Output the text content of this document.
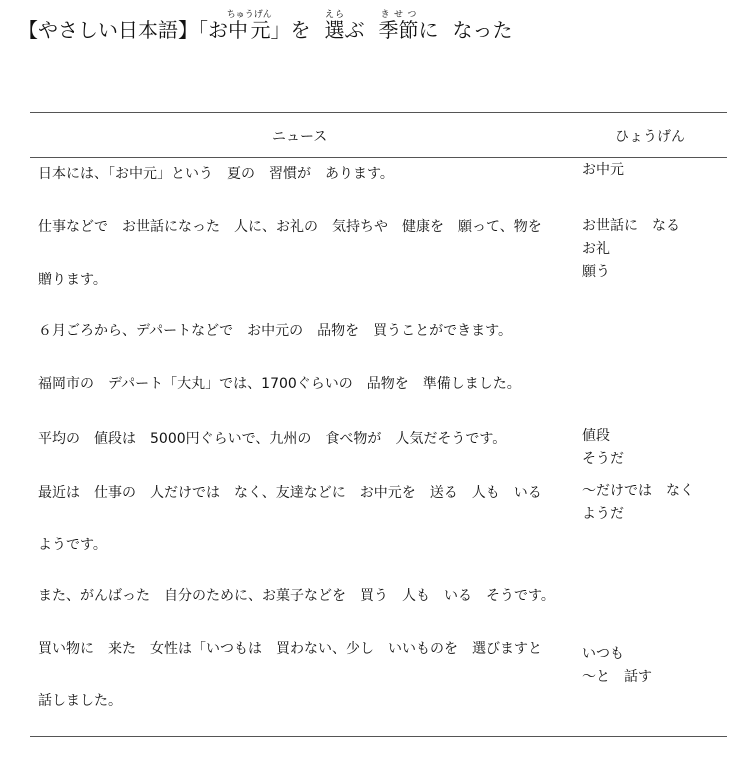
【やさしい日本語】「お中元ちゅうげん」を 選えらぶ 季節きせつに なった
ニュース	ひょうげん
日本には、「お中元」という　夏の　習慣が　あります。
仕事などで　お世話になった　人に、お礼の　気持ちや　健康を　願って、物を
贈ります。
６月ごろから、デパートなどで　お中元の　品物を　買うことができます。
福岡市の　デパート「大丸」では、1700ぐらいの　品物を　準備しました。
平均の　値段は　5000円ぐらいで、九州の　食べ物が　人気だそうです。
最近は　仕事の　人だけでは　なく、友達などに　お中元を　送る　人も　いる
ようです。
また、がんばった　自分のために、お菓子などを　買う　人も　いる　そうです。
買い物に　来た　女性は「いつもは　買わない、少し　いいものを　選びますと
話しました。
お中元
お世話に　なる
お礼
願う
値段
そうだ
～だけでは　なく
ようだ
いつも
～と　話す
